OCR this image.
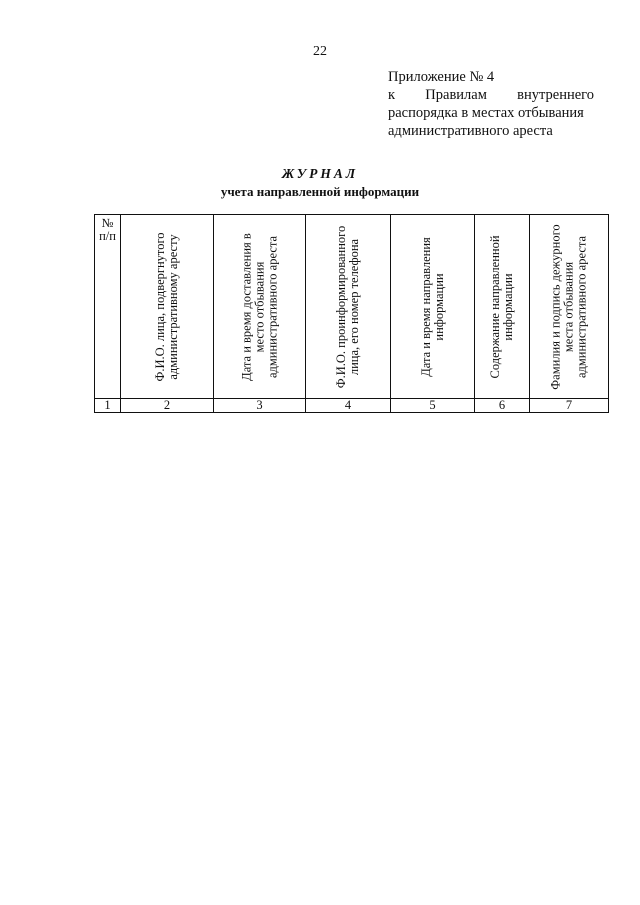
22
Приложение № 4
к Правилам внутреннего
распорядка в местах отбывания
административного ареста
ЖУРНАЛ
учета направленной информации
№ п/п	Ф.И.О. лица, подвергнутого административному аресту	Дата и время доставления в место отбывания административного ареста	Ф.И.О. проинформированного лица, его номер телефона	Дата и время направления информации	Содержание направленной информации	Фамилия и подпись дежурного места отбывания административного ареста

1	2	3	4	5	6	7
